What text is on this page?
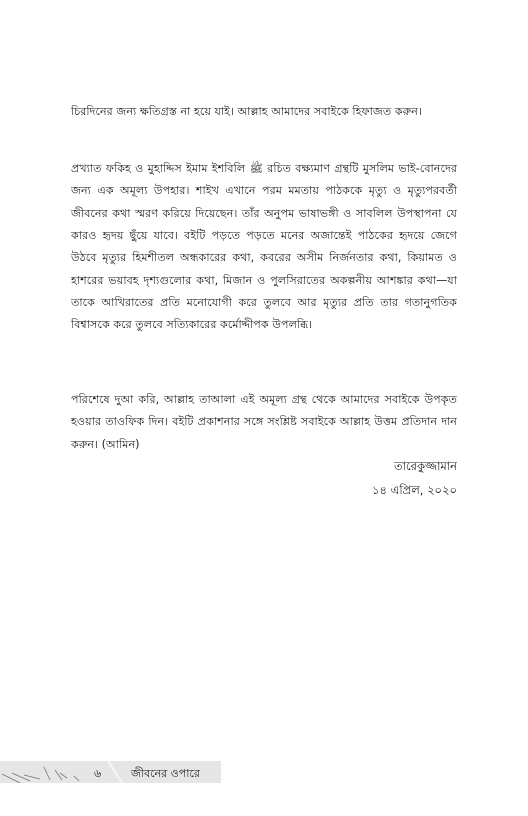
চিরদিনের জন্য ক্ষতিগ্রস্ত না হয়ে যাই। আল্লাহ আমাদের সবাইকে হিফাজত করুন।

প্রখ্যাত ফকিহ ও মুহাদ্দিস ইমাম ইশবিলি ﷺ রচিত বক্ষ্যমাণ গ্রন্থটি মুসলিম ভাই-বোনদের জন্য এক অমূল্য উপহার। শাইখ এখানে পরম মমতায় পাঠককে মৃত্যু ও মৃত্যুপরবর্তী জীবনের কথা স্মরণ করিয়ে দিয়েছেন। তাঁর অনুপম ভাষাভঙ্গী ও সাবলিল উপস্থাপনা যে কারও হৃদয় ছুঁয়ে যাবে। বইটি পড়তে পড়তে মনের অজান্তেই পাঠকের হৃদয়ে জেগে উঠবে মৃত্যুর হিমশীতল অন্ধকারের কথা, কবরের অসীম নির্জনতার কথা, কিয়ামত ও হাশরের ভয়াবহ দৃশ্যগুলোর কথা, মিজান ও পুলসিরাতের অকল্পনীয় আশঙ্কার কথা—যা তাকে আখিরাতের প্রতি মনোযোগী করে তুলবে আর মৃত্যুর প্রতি তার গতানুগতিক বিশ্বাসকে করে তুলবে সত্যিকারের কর্মোদ্দীপক উপলব্ধি।

পরিশেষে দুআ করি, আল্লাহ তাআলা এই অমূল্য গ্রন্থ থেকে আমাদের সবাইকে উপকৃত হওয়ার তাওফিক দিন। বইটি প্রকাশনার সঙ্গে সংশ্লিষ্ট সবাইকে আল্লাহ উত্তম প্রতিদান দান করুন। (আমিন)

তারেকুজ্জামান
১৪ এপ্রিল, ২০২০
৬	জীবনের ওপারে
